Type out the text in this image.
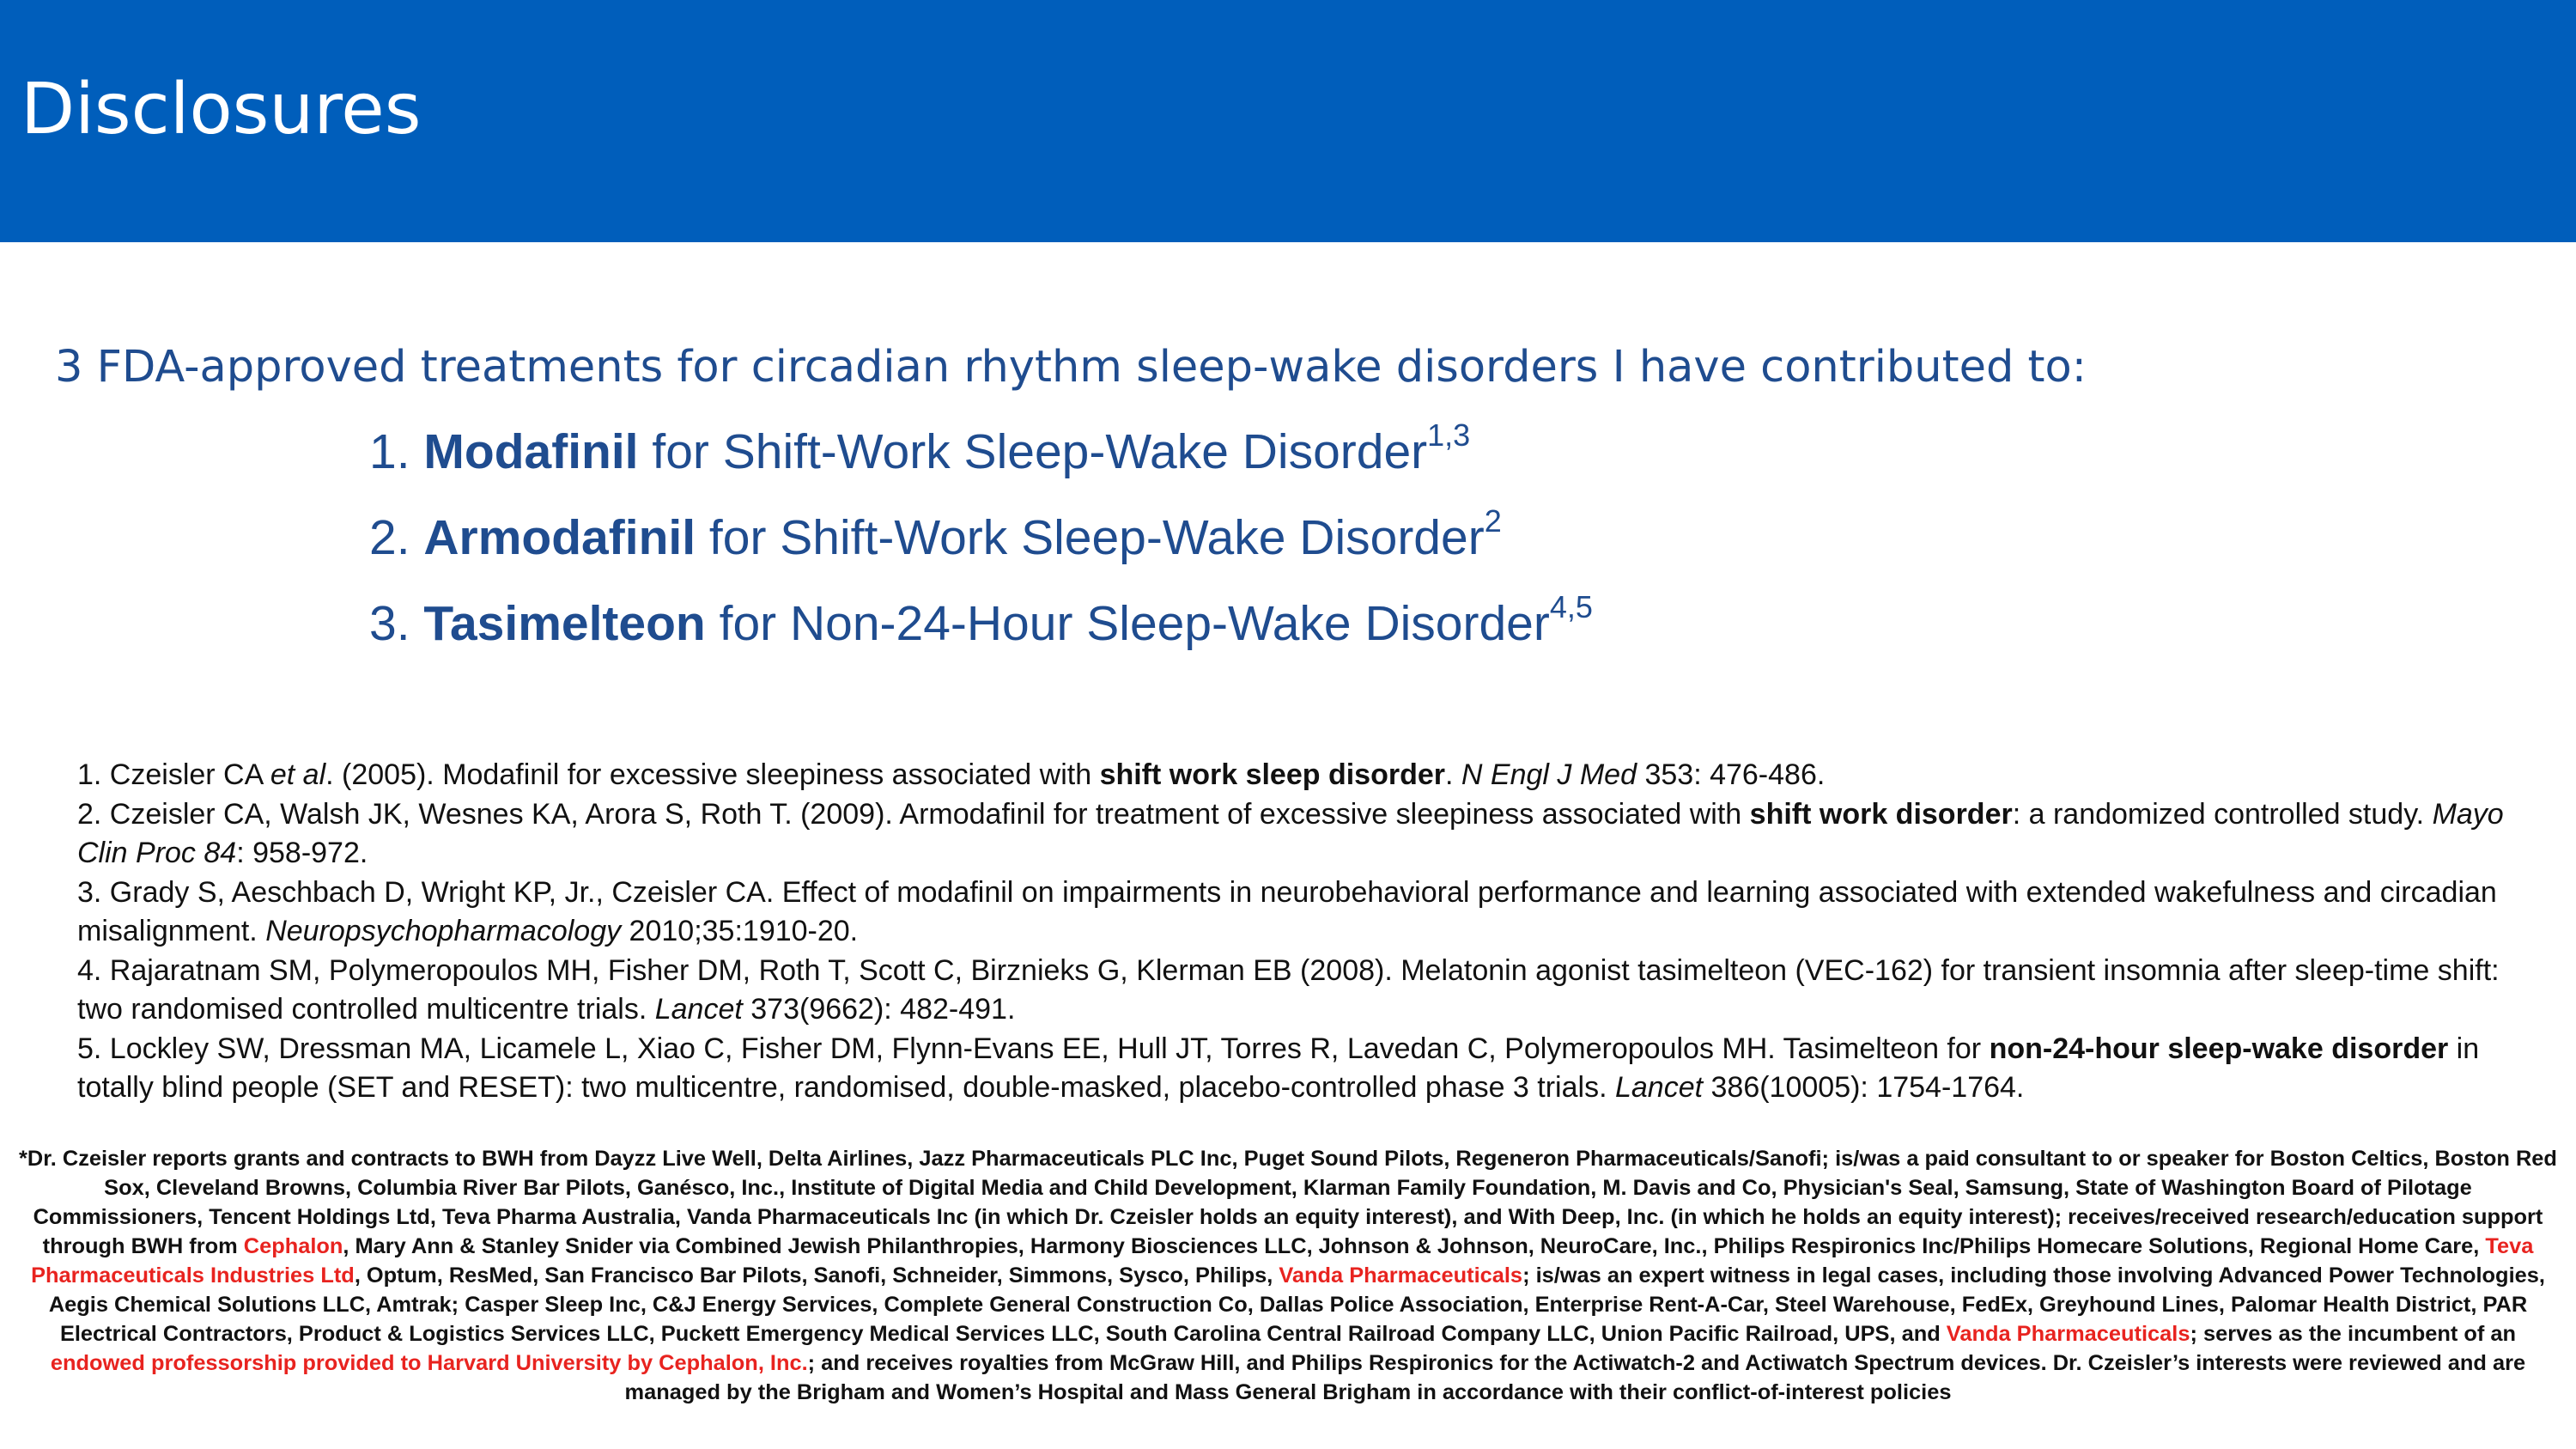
Disclosures

3 FDA-approved treatments for circadian rhythm sleep-wake disorders I have contributed to:

1. Modafinil for Shift-Work Sleep-Wake Disorder$^{1,3}$
2. Armodafinil for Shift-Work Sleep-Wake Disorder$^2$
3. Tasimelteon for Non-24-Hour Sleep-Wake Disorder$^{4,5}$
1. Czeisler CA et al. (2005). Modafinil for excessive sleepiness associated with shift work sleep disorder. N Engl J Med 353: 476-486.
2. Czeisler CA, Walsh JK, Wesnes KA, Arora S, Roth T. (2009). Armodafinil for treatment of excessive sleepiness associated with shift work disorder: a randomized controlled study. Mayo Clin Proc 84: 958-972.
3. Grady S, Aeschbach D, Wright KP, Jr., Czeisler CA. Effect of modafinil on impairments in neurobehavioral performance and learning associated with extended wakefulness and circadian misalignment. Neuropsychopharmacology 2010;35:1910-20.
4. Rajaratnam SM, Polymeropoulos MH, Fisher DM, Roth T, Scott C, Birznieks G, Klerman EB (2008). Melatonin agonist tasimelteon (VEC-162) for transient insomnia after sleep-time shift: two randomised controlled multicentre trials. Lancet 373(9662): 482-491.
5. Lockley SW, Dressman MA, Licamele L, Xiao C, Fisher DM, Flynn-Evans EE, Hull JT, Torres R, Lavedan C, Polymeropoulos MH. Tasimelteon for non-24-hour sleep-wake disorder in totally blind people (SET and RESET): two multicentre, randomised, double-masked, placebo-controlled phase 3 trials. Lancet 386(10005): 1754-1764.

*Dr. Czeisler reports grants and contracts to BWH from Dayzz Live Well, Delta Airlines, Jazz Pharmaceuticals PLC Inc, Puget Sound Pilots, Regeneron Pharmaceuticals/Sanofi; is/was a paid consultant to or speaker for Boston Celtics, Boston Red Sox, Cleveland Browns, Columbia River Bar Pilots, Ganésco, Inc., Institute of Digital Media and Child Development, Klarman Family Foundation, M. Davis and Co, Physician's Seal, Samsung, State of Washington Board of Pilotage Commissioners, Tencent Holdings Ltd, Teva Pharma Australia, Vanda Pharmaceuticals Inc (in which Dr. Czeisler holds an equity interest), and With Deep, Inc. (in which he holds an equity interest); receives/received research/education support through BWH from Cephalon, Mary Ann & Stanley Snider via Combined Jewish Philanthropies, Harmony Biosciences LLC, Johnson & Johnson, NeuroCare, Inc., Philips Respironics Inc/Philips Homecare Solutions, Regional Home Care, Teva Pharmaceuticals Industries Ltd, Optum, ResMed, San Francisco Bar Pilots, Sanofi, Schneider, Simmons, Sysco, Philips, Vanda Pharmaceuticals; is/was an expert witness in legal cases, including those involving Advanced Power Technologies, Aegis Chemical Solutions LLC, Amtrak; Casper Sleep Inc, C&J Energy Services, Complete General Construction Co, Dallas Police Association, Enterprise Rent-A-Car, Steel Warehouse, FedEx, Greyhound Lines, Palomar Health District, PAR Electrical Contractors, Product & Logistics Services LLC, Puckett Emergency Medical Services LLC, South Carolina Central Railroad Company LLC, Union Pacific Railroad, UPS, and Vanda Pharmaceuticals; serves as the incumbent of an endowed professorship provided to Harvard University by Cephalon, Inc.; and receives royalties from McGraw Hill, and Philips Respironics for the Actiwatch-2 and Actiwatch Spectrum devices. Dr. Czeisler’s interests were reviewed and are managed by the Brigham and Women’s Hospital and Mass General Brigham in accordance with their conflict-of-interest policies
